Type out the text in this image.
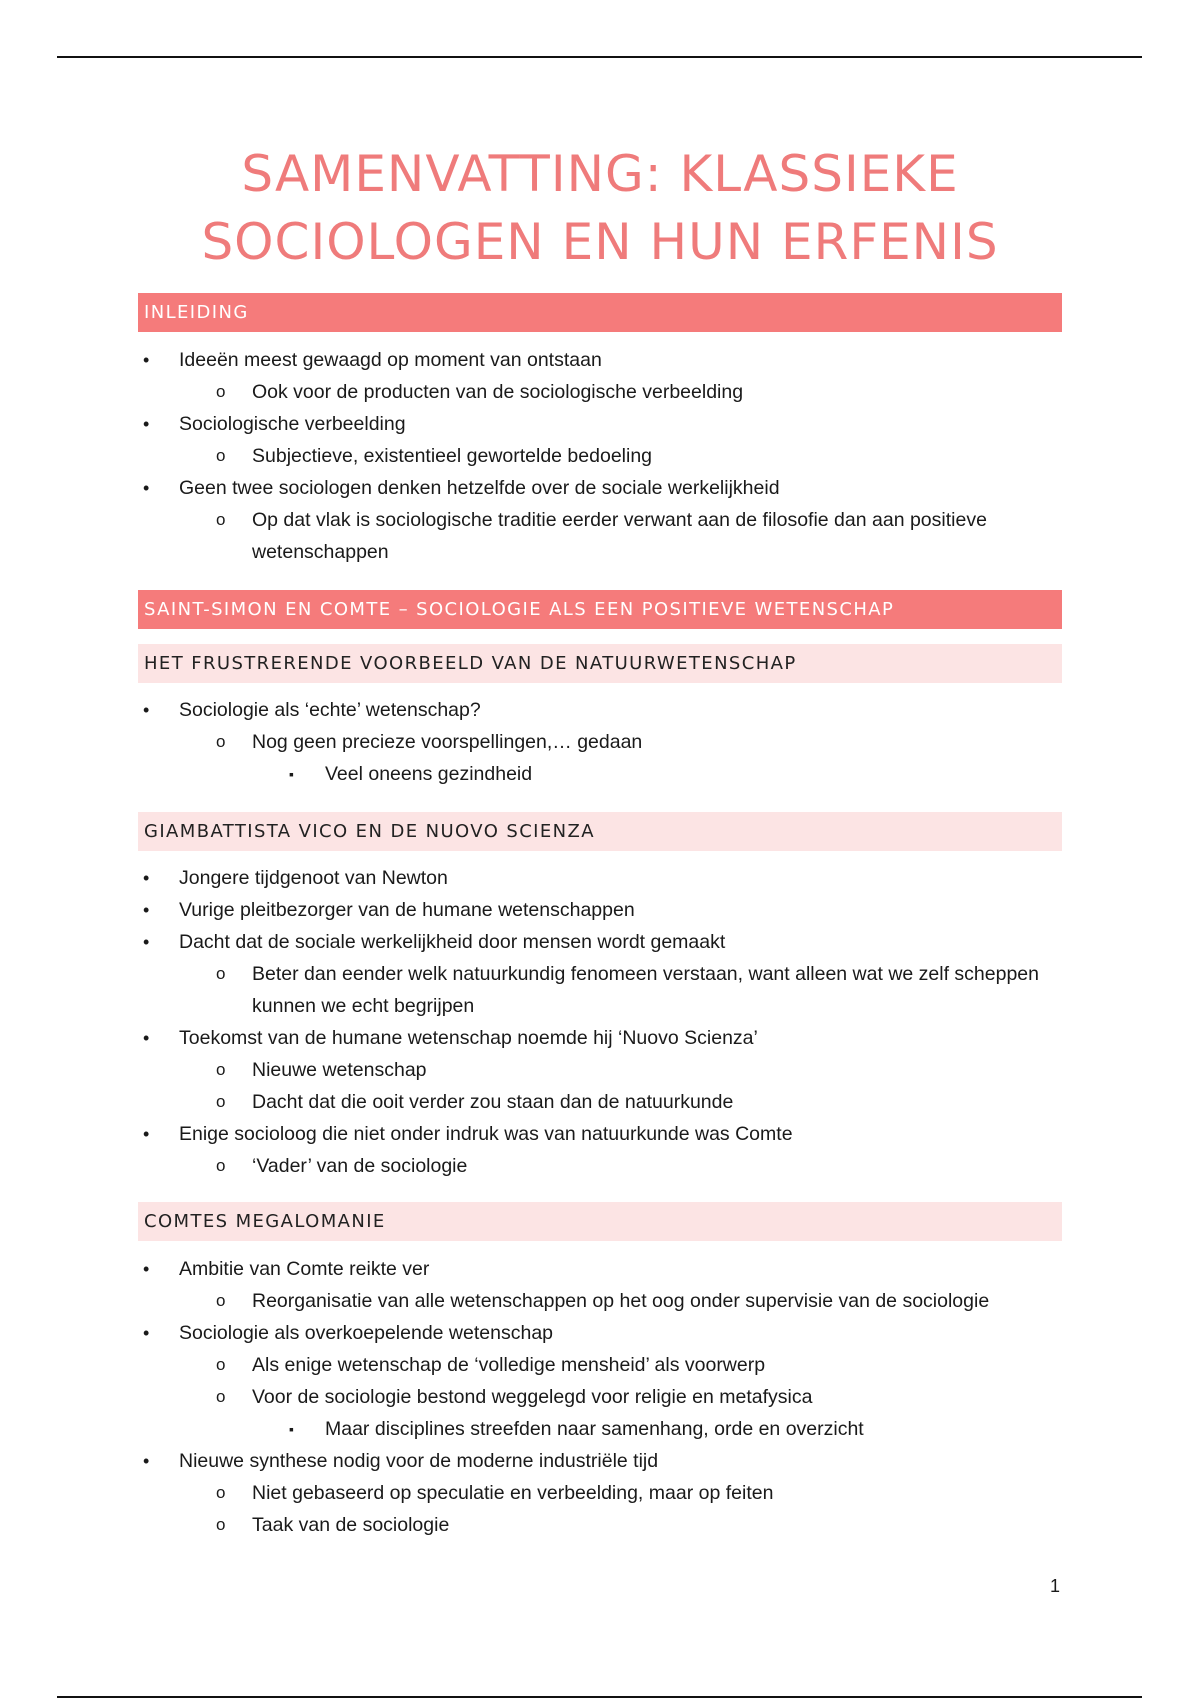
SAMENVATTING: KLASSIEKE
SOCIOLOGEN EN HUN ERFENIS
INLEIDING
• Ideeën meest gewaagd op moment van ontstaan
o Ook voor de producten van de sociologische verbeelding
• Sociologische verbeelding
o Subjectieve, existentieel gewortelde bedoeling
• Geen twee sociologen denken hetzelfde over de sociale werkelijkheid
o Op dat vlak is sociologische traditie eerder verwant aan de filosofie dan aan positieve wetenschappen
SAINT-SIMON EN COMTE – SOCIOLOGIE ALS EEN POSITIEVE WETENSCHAP
HET FRUSTRERENDE VOORBEELD VAN DE NATUURWETENSCHAP
• Sociologie als ‘echte’ wetenschap?
o Nog geen precieze voorspellingen,… gedaan
▪ Veel oneens gezindheid
GIAMBATTISTA VICO EN DE NUOVO SCIENZA
• Jongere tijdgenoot van Newton
• Vurige pleitbezorger van de humane wetenschappen
• Dacht dat de sociale werkelijkheid door mensen wordt gemaakt
o Beter dan eender welk natuurkundig fenomeen verstaan, want alleen wat we zelf scheppen kunnen we echt begrijpen
• Toekomst van de humane wetenschap noemde hij ‘Nuovo Scienza’
o Nieuwe wetenschap
o Dacht dat die ooit verder zou staan dan de natuurkunde
• Enige socioloog die niet onder indruk was van natuurkunde was Comte
o ‘Vader’ van de sociologie
COMTES MEGALOMANIE
• Ambitie van Comte reikte ver
o Reorganisatie van alle wetenschappen op het oog onder supervisie van de sociologie
• Sociologie als overkoepelende wetenschap
o Als enige wetenschap de ‘volledige mensheid’ als voorwerp
o Voor de sociologie bestond weggelegd voor religie en metafysica
▪ Maar disciplines streefden naar samenhang, orde en overzicht
• Nieuwe synthese nodig voor de moderne industriële tijd
o Niet gebaseerd op speculatie en verbeelding, maar op feiten
o Taak van de sociologie
1
